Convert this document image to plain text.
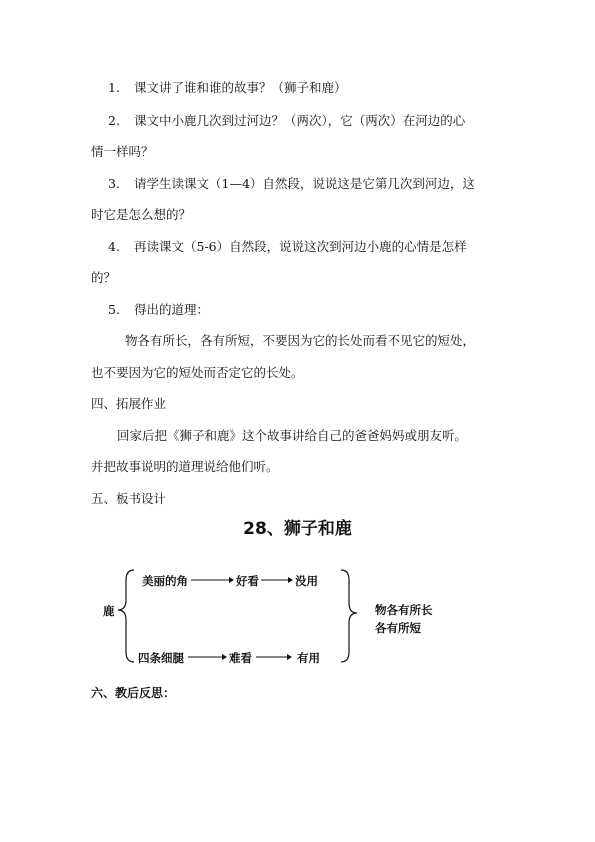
1. 课文讲了谁和谁的故事？（狮子和鹿）
2. 课文中小鹿几次到过河边？（两次），它（两次）在河边的心
情一样吗？
3. 请学生读课文（1—4）自然段，说说这是它第几次到河边，这
时它是怎么想的？
4. 再读课文（5-6）自然段，说说这次到河边小鹿的心情是怎样
的？
5. 得出的道理：
物各有所长，各有所短，不要因为它的长处而看不见它的短处，
也不要因为它的短处而否定它的长处。
四、拓展作业
回家后把《狮子和鹿》这个故事讲给自己的爸爸妈妈或朋友听。
并把故事说明的道理说给他们听。
五、板书设计
28、狮子和鹿
鹿
美丽的角	好看	没用
四条细腿	难看	有用
物各有所长
各有所短
六、教后反思：
